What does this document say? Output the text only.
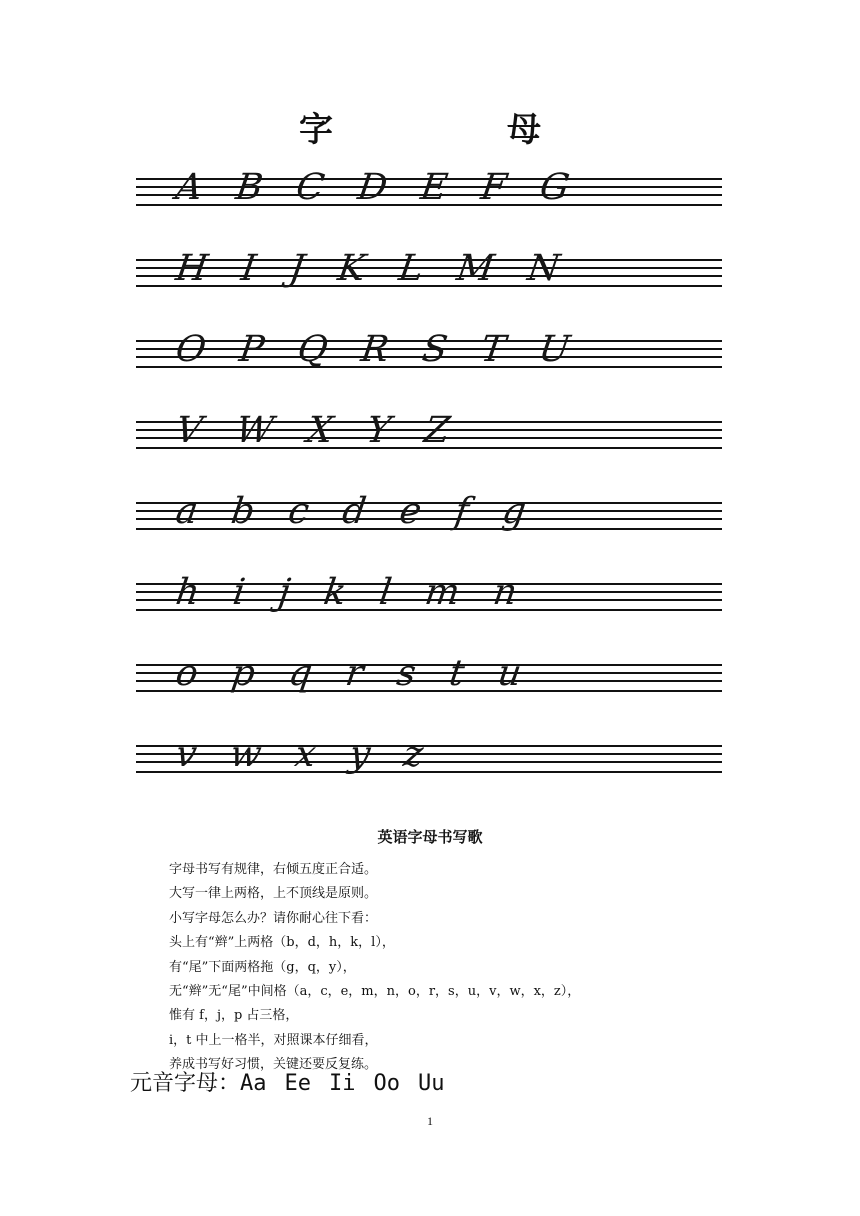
字　母
A B C D E F G
H I J K L M N
O P Q R S T U
V W X Y Z
a b c d e f g
h i j k l m n
o p q r s t u
v w x y z
英语字母书写歌
字母书写有规律，右倾五度正合适。
大写一律上两格，上不顶线是原则。
小写字母怎么办？请你耐心往下看：
头上有“辫”上两格（b，d，h，k，l），
有“尾”下面两格拖（g，q，y），
无“辫”无“尾”中间格（a，c，e，m，n，o，r，s，u，v，w，x，z），
惟有 f，j，p 占三格，
i，t 中上一格半，对照课本仔细看，
养成书写好习惯，关键还要反复练。
元音字母：Aa Ee Ii Oo Uu
1
